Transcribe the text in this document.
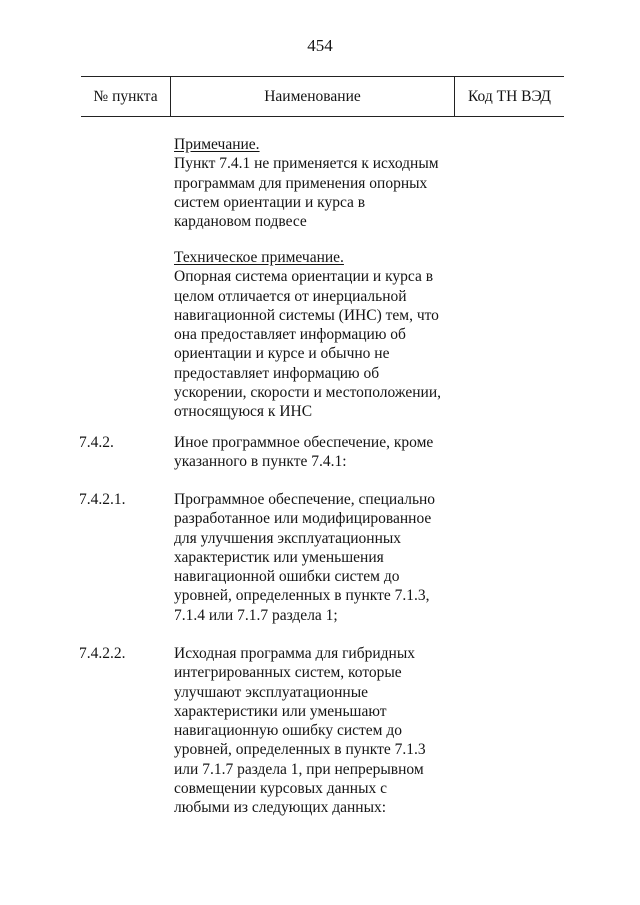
454
№ пункта	Наименование	Код ТН ВЭД
Примечание.
Пункт 7.4.1 не применяется к исходным
программам для применения опорных
систем ориентации и курса в
кардановом подвесе
Техническое примечание.
Опорная система ориентации и курса в
целом отличается от инерциальной
навигационной системы (ИНС) тем, что
она предоставляет информацию об
ориентации и курсе и обычно не
предоставляет информацию об
ускорении, скорости и местоположении,
относящуюся к ИНС
7.4.2.	Иное программное обеспечение, кроме
указанного в пункте 7.4.1:
7.4.2.1.	Программное обеспечение, специально
разработанное или модифицированное
для улучшения эксплуатационных
характеристик или уменьшения
навигационной ошибки систем до
уровней, определенных в пункте 7.1.3,
7.1.4 или 7.1.7 раздела 1;
7.4.2.2.	Исходная программа для гибридных
интегрированных систем, которые
улучшают эксплуатационные
характеристики или уменьшают
навигационную ошибку систем до
уровней, определенных в пункте 7.1.3
или 7.1.7 раздела 1, при непрерывном
совмещении курсовых данных с
любыми из следующих данных:
